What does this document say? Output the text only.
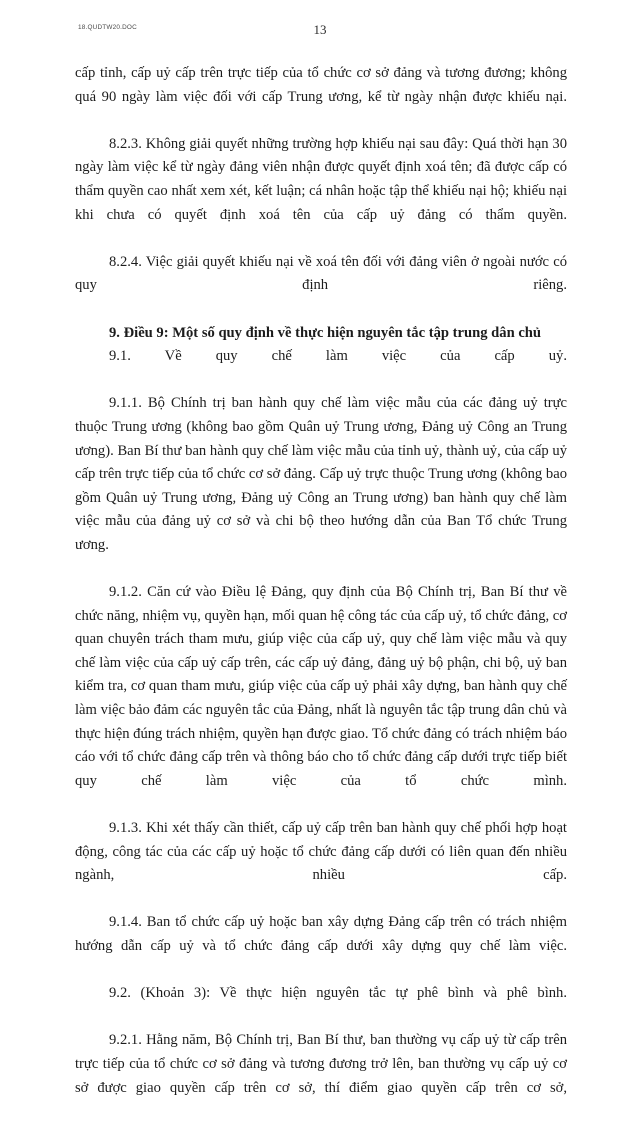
18.QUDTW20.DOC	13

cấp tỉnh, cấp uỷ cấp trên trực tiếp của tổ chức cơ sở đảng và tương đương; không quá 90 ngày làm việc đối với cấp Trung ương, kể từ ngày nhận được khiếu nại.

8.2.3. Không giải quyết những trường hợp khiếu nại sau đây: Quá thời hạn 30 ngày làm việc kể từ ngày đảng viên nhận được quyết định xoá tên; đã được cấp có thẩm quyền cao nhất xem xét, kết luận; cá nhân hoặc tập thể khiếu nại hộ; khiếu nại khi chưa có quyết định xoá tên của cấp uỷ đảng có thẩm quyền.

8.2.4. Việc giải quyết khiếu nại về xoá tên đối với đảng viên ở ngoài nước có quy định riêng.

9. Điều 9: Một số quy định về thực hiện nguyên tắc tập trung dân chủ

9.1. Về quy chế làm việc của cấp uỷ.

9.1.1. Bộ Chính trị ban hành quy chế làm việc mẫu của các đảng uỷ trực thuộc Trung ương (không bao gồm Quân uỷ Trung ương, Đảng uỷ Công an Trung ương). Ban Bí thư ban hành quy chế làm việc mẫu của tỉnh uỷ, thành uỷ, của cấp uỷ cấp trên trực tiếp của tổ chức cơ sở đảng. Cấp uỷ trực thuộc Trung ương (không bao gồm Quân uỷ Trung ương, Đảng uỷ Công an Trung ương) ban hành quy chế làm việc mẫu của đảng uỷ cơ sở và chi bộ theo hướng dẫn của Ban Tổ chức Trung ương.

9.1.2. Căn cứ vào Điều lệ Đảng, quy định của Bộ Chính trị, Ban Bí thư về chức năng, nhiệm vụ, quyền hạn, mối quan hệ công tác của cấp uỷ, tổ chức đảng, cơ quan chuyên trách tham mưu, giúp việc của cấp uỷ, quy chế làm việc mẫu và quy chế làm việc của cấp uỷ cấp trên, các cấp uỷ đảng, đảng uỷ bộ phận, chi bộ, uỷ ban kiểm tra, cơ quan tham mưu, giúp việc của cấp uỷ phải xây dựng, ban hành quy chế làm việc bảo đảm các nguyên tắc của Đảng, nhất là nguyên tắc tập trung dân chủ và thực hiện đúng trách nhiệm, quyền hạn được giao. Tổ chức đảng có trách nhiệm báo cáo với tổ chức đảng cấp trên và thông báo cho tổ chức đảng cấp dưới trực tiếp biết quy chế làm việc của tổ chức mình.

9.1.3. Khi xét thấy cần thiết, cấp uỷ cấp trên ban hành quy chế phối hợp hoạt động, công tác của các cấp uỷ hoặc tổ chức đảng cấp dưới có liên quan đến nhiều ngành, nhiều cấp.

9.1.4. Ban tổ chức cấp uỷ hoặc ban xây dựng Đảng cấp trên có trách nhiệm hướng dẫn cấp uỷ và tổ chức đảng cấp dưới xây dựng quy chế làm việc.

9.2. (Khoản 3): Về thực hiện nguyên tắc tự phê bình và phê bình.

9.2.1. Hằng năm, Bộ Chính trị, Ban Bí thư, ban thường vụ cấp uỷ từ cấp trên trực tiếp của tổ chức cơ sở đảng và tương đương trở lên, ban thường vụ cấp uỷ cơ sở được giao quyền cấp trên cơ sở, thí điểm giao quyền cấp trên cơ sở,
